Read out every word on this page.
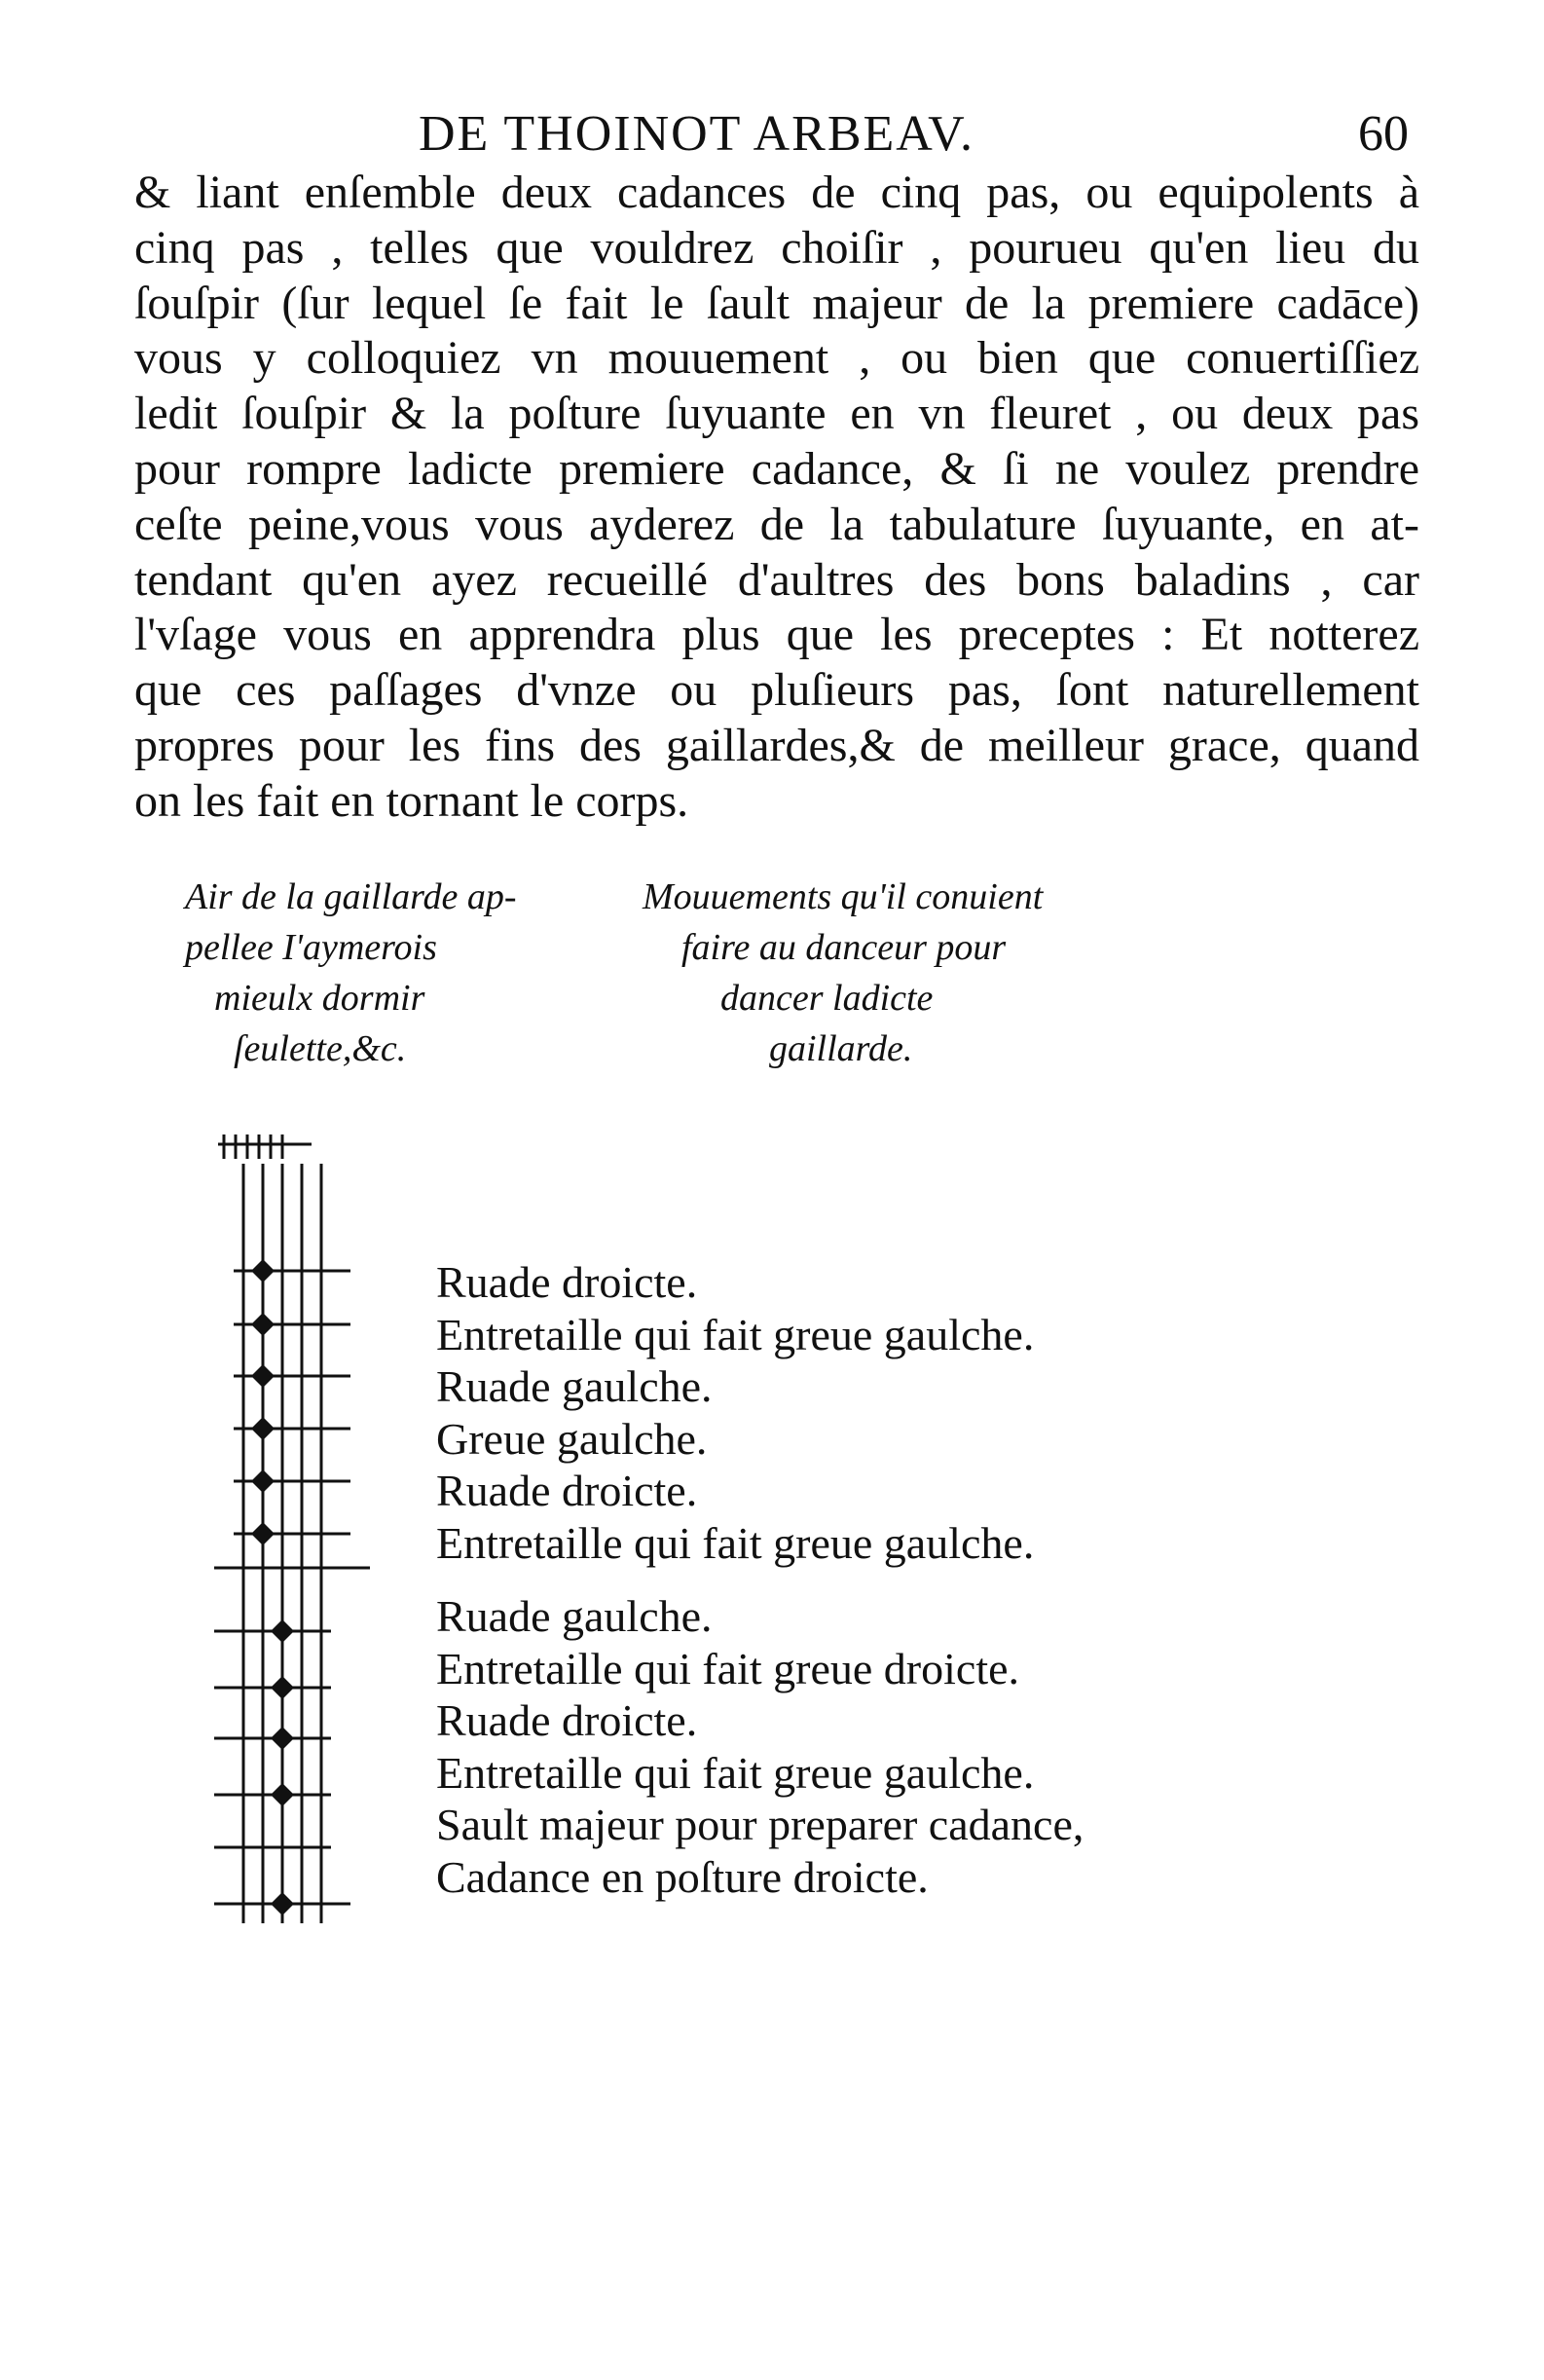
DE THOINOT ARBEAV.	60
& liant enſemble deux cadances de cinq pas, ou equipolents à
cinq pas , telles que vouldrez choiſir , pourueu qu'en lieu du
ſouſpir (ſur lequel ſe fait le ſault majeur de la premiere cadāce)
vous y colloquiez vn mouuement , ou bien que conuertiſſiez
ledit ſouſpir & la poſture ſuyuante en vn fleuret , ou deux pas
pour rompre ladicte premiere cadance, & ſi ne voulez prendre
ceſte peine,vous vous ayderez de la tabulature ſuyuante, en at-
tendant qu'en ayez recueillé d'aultres des bons baladins , car
l'vſage vous en apprendra plus que les preceptes : Et notterez
que ces paſſages d'vnze ou pluſieurs pas, ſont naturellement
propres pour les fins des gaillardes,& de meilleur grace, quand
on les fait en tornant le corps.
Air de la gaillarde ap-
pellee I'aymerois
mieulx dormir
ſeulette,&c.
Mouuements qu'il conuient
faire au danceur pour
dancer ladicte
gaillarde.
Ruade droicte.
Entretaille qui fait greue gaulche.
Ruade gaulche.
Greue gaulche.
Ruade droicte.
Entretaille qui fait greue gaulche.
Ruade gaulche.
Entretaille qui fait greue droicte.
Ruade droicte.
Entretaille qui fait greue gaulche.
Sault majeur pour preparer cadance,
Cadance en poſture droicte.
